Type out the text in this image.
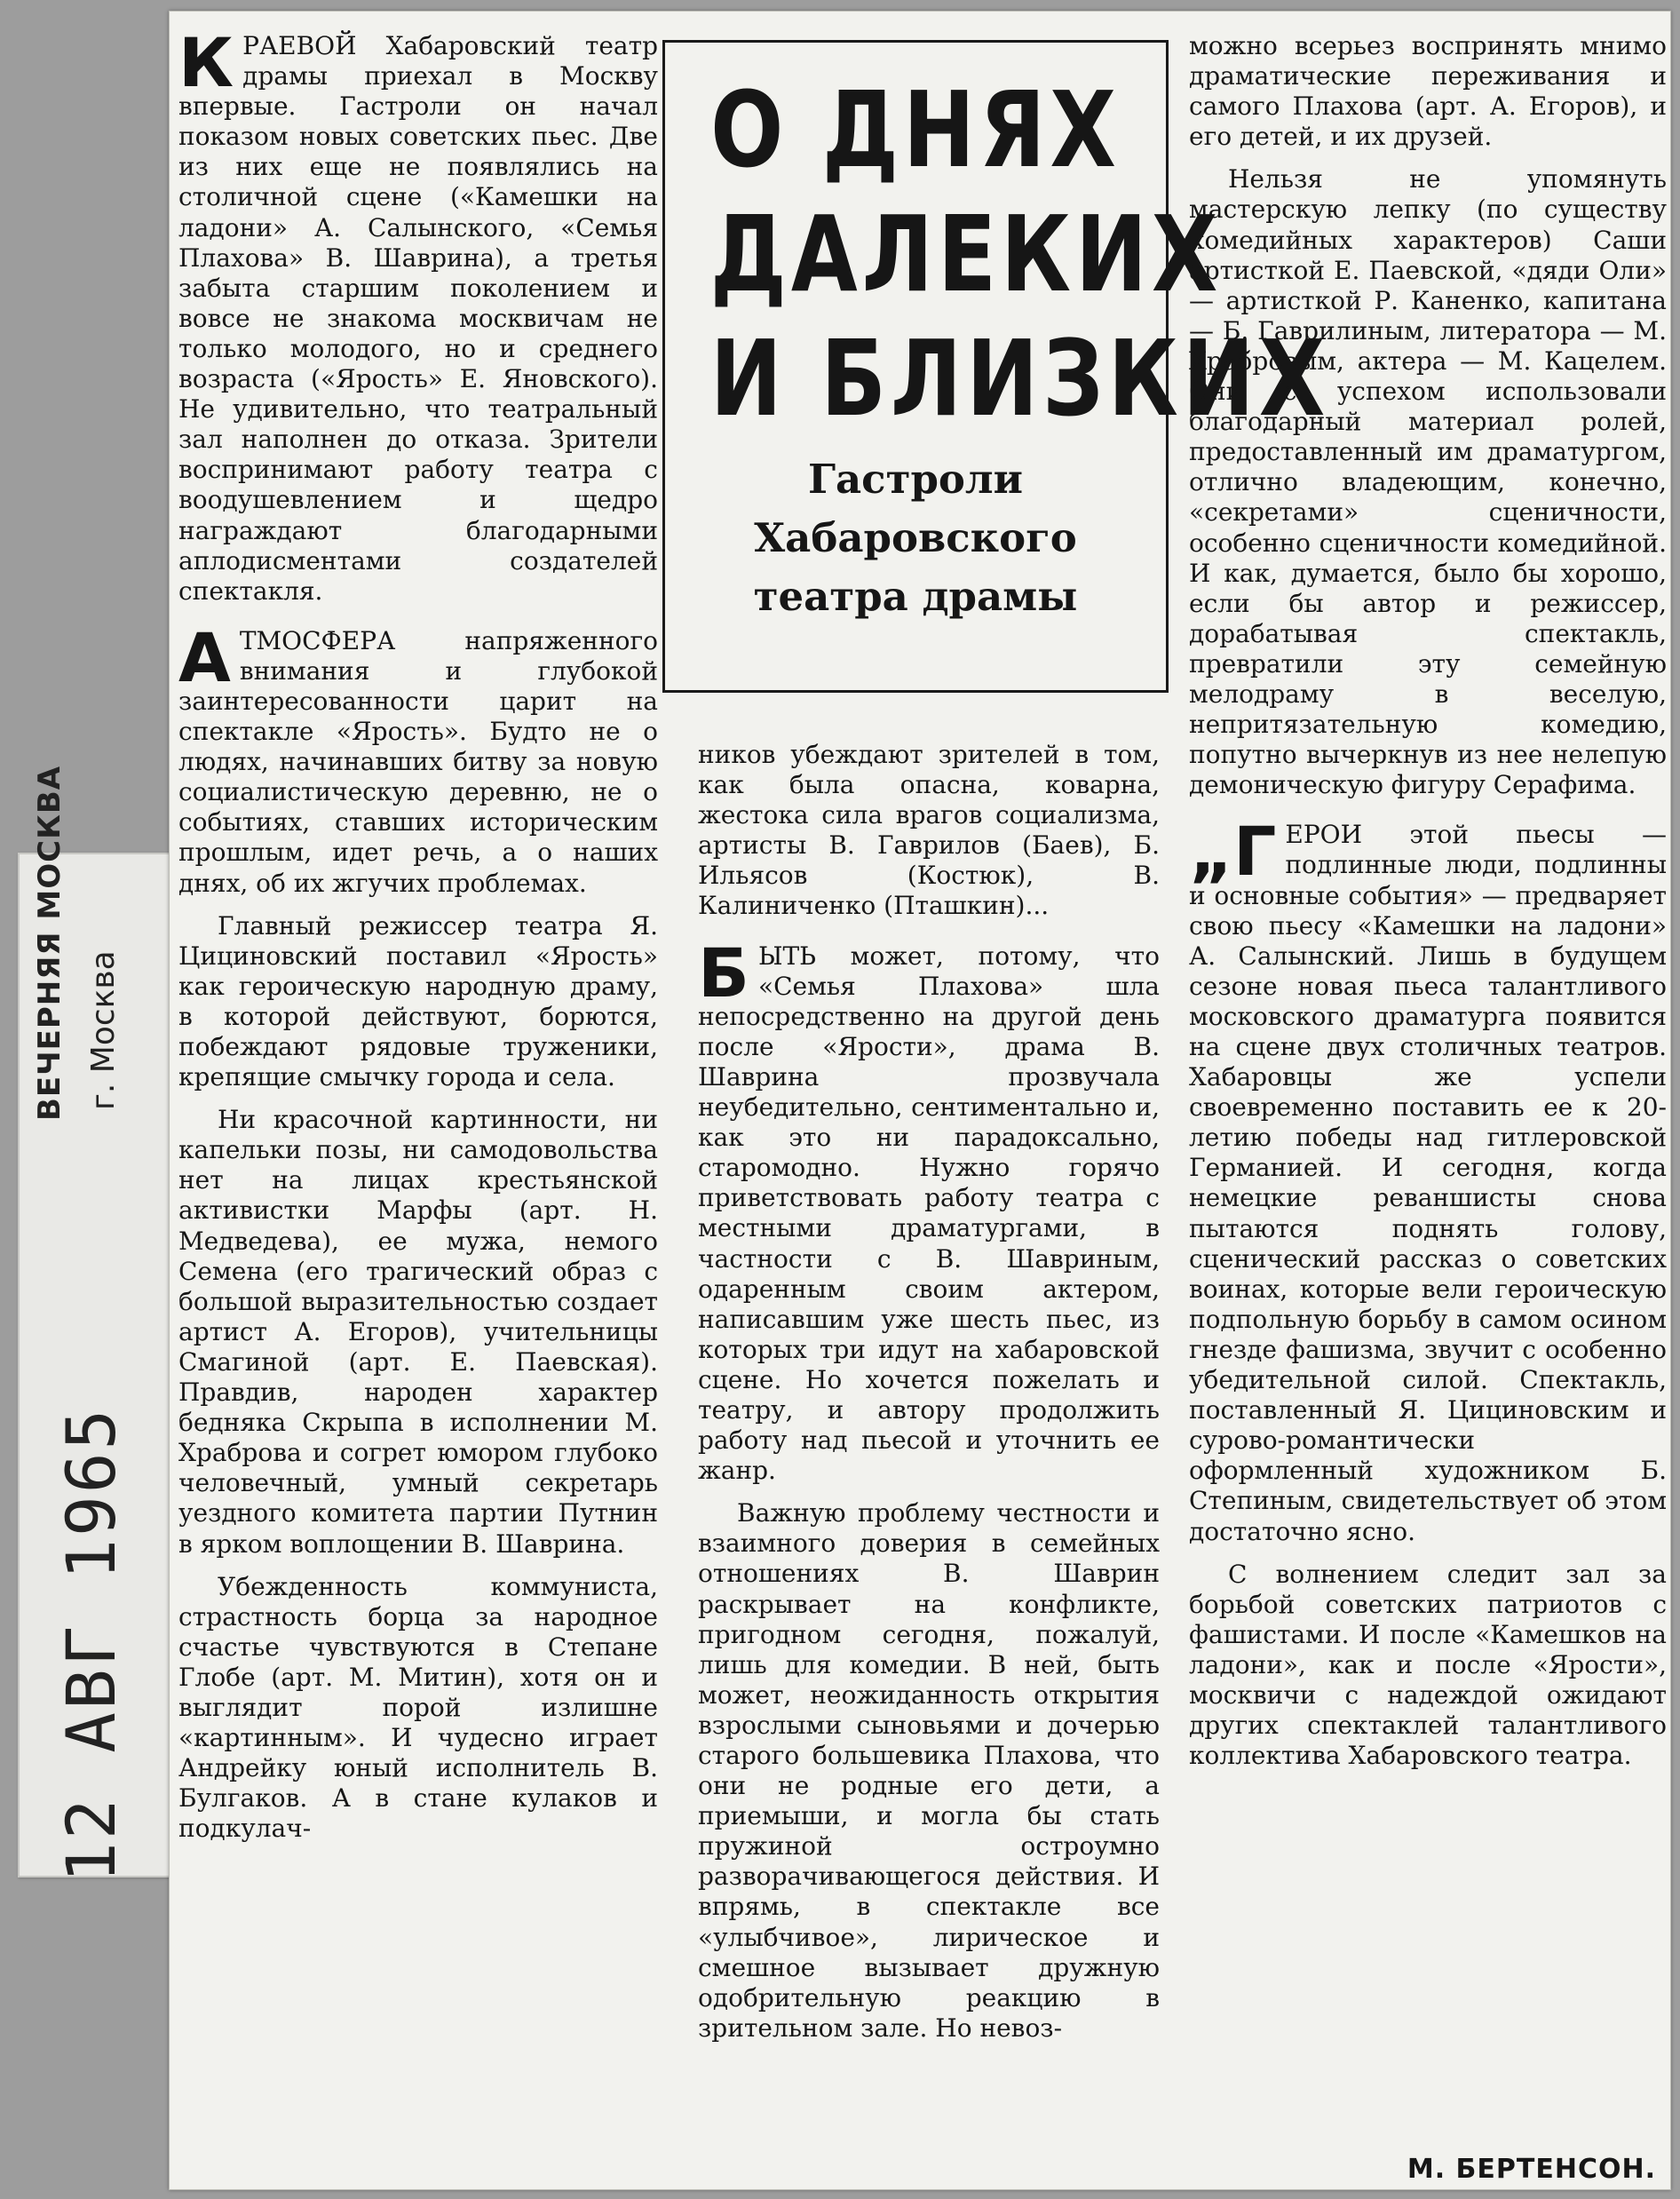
ВЕЧЕРНЯЯ МОСКВА г. Москва
12 АВГ 1965

КРАЕВОЙ Хабаровский театр драмы приехал в Москву впервые. Гастроли он начал показом новых советских пьес. Две из них еще не появлялись на столичной сцене («Камешки на ладони» А. Салынского, «Семья Плахова» В. Шаврина), а третья забыта старшим поколением и вовсе не знакома москвичам не только молодого, но и среднего возраста («Ярость» Е. Яновского). Не удивительно, что театральный зал наполнен до отказа. Зрители воспринимают работу театра с воодушевлением и щедро награждают благодарными аплодисментами создателей спектакля.

АТМОСФЕРА напряженного внимания и глубокой заинтересованности царит на спектакле «Ярость». Будто не о людях, начинавших битву за новую социалистическую деревню, не о событиях, ставших историческим прошлым, идет речь, а о наших днях, об их жгучих проблемах.

Главный режиссер театра Я. Цициновский поставил «Ярость» как героическую народную драму, в которой действуют, борются, побеждают рядовые труженики, крепящие смычку города и села.

Ни красочной картинности, ни капельки позы, ни самодовольства нет на лицах крестьянской активистки Марфы (арт. Н. Медведева), ее мужа, немого Семена (его трагический образ с большой выразительностью создает артист А. Егоров), учительницы Смагиной (арт. Е. Паевская). Правдив, народен характер бедняка Скрыпа в исполнении М. Храброва и согрет юмором глубоко человечный, умный секретарь уездного комитета партии Путнин в ярком воплощении В. Шаврина.

Убежденность коммуниста, страстность борца за народное счастье чувствуются в Степане Глобе (арт. М. Митин), хотя он и выглядит порой излишне «картинным». И чудесно играет Андрейку юный исполнитель В. Булгаков. А в стане кулаков и подкулач-

О ДНЯХ
ДАЛЕКИХ
И БЛИЗКИХ
Гастроли
Хабаровского
театра драмы

ников убеждают зрителей в том, как была опасна, коварна, жестока сила врагов социализма, артисты В. Гаврилов (Баев), Б. Ильясов (Костюк), В. Калиниченко (Пташкин)...

БЫТЬ может, потому, что «Семья Плахова» шла непосредственно на другой день после «Ярости», драма В. Шаврина прозвучала неубедительно, сентиментально и, как это ни парадоксально, старомодно. Нужно горячо приветствовать работу театра с местными драматургами, в частности с В. Шавриным, одаренным своим актером, написавшим уже шесть пьес, из которых три идут на хабаровской сцене. Но хочется пожелать и театру, и автору продолжить работу над пьесой и уточнить ее жанр.

Важную проблему честности и взаимного доверия в семейных отношениях В. Шаврин раскрывает на конфликте, пригодном сегодня, пожалуй, лишь для комедии. В ней, быть может, неожиданность открытия взрослыми сыновьями и дочерью старого большевика Плахова, что они не родные его дети, а приемыши, и могла бы стать пружиной остроумно разворачивающегося действия. И впрямь, в спектакле все «улыбчивое», лирическое и смешное вызывает дружную одобрительную реакцию в зрительном зале. Но невоз-

можно всерьез воспринять мнимо драматические переживания и самого Плахова (арт. А. Егоров), и его детей, и их друзей.

Нельзя не упомянуть мастерскую лепку (по существу комедийных характеров) Саши артисткой Е. Паевской, «дяди Оли» — артисткой Р. Каненко, капитана — Б. Гаврилиным, литератора — М. Храбровым, актера — М. Кацелем. Они с успехом использовали благодарный материал ролей, предоставленный им драматургом, отлично владеющим, конечно, «секретами» сценичности, особенно сценичности комедийной. И как, думается, было бы хорошо, если бы автор и режиссер, дорабатывая спектакль, превратили эту семейную мелодраму в веселую, непритязательную комедию, попутно вычеркнув из нее нелепую демоническую фигуру Серафима.

„ГЕРОИ этой пьесы — подлинные люди, подлинны и основные события» — предваряет свою пьесу «Камешки на ладони» А. Салынский. Лишь в будущем сезоне новая пьеса талантливого московского драматурга появится на сцене двух столичных театров. Хабаровцы же успели своевременно поставить ее к 20-летию победы над гитлеровской Германией. И сегодня, когда немецкие реваншисты снова пытаются поднять голову, сценический рассказ о советских воинах, которые вели героическую подпольную борьбу в самом осином гнезде фашизма, звучит с особенно убедительной силой. Спектакль, поставленный Я. Цициновским и сурово-романтически оформленный художником Б. Степиным, свидетельствует об этом достаточно ясно.

С волнением следит зал за борьбой советских патриотов с фашистами. И после «Камешков на ладони», как и после «Ярости», москвичи с надеждой ожидают других спектаклей талантливого коллектива Хабаровского театра.

М. БЕРТЕНСОН.
